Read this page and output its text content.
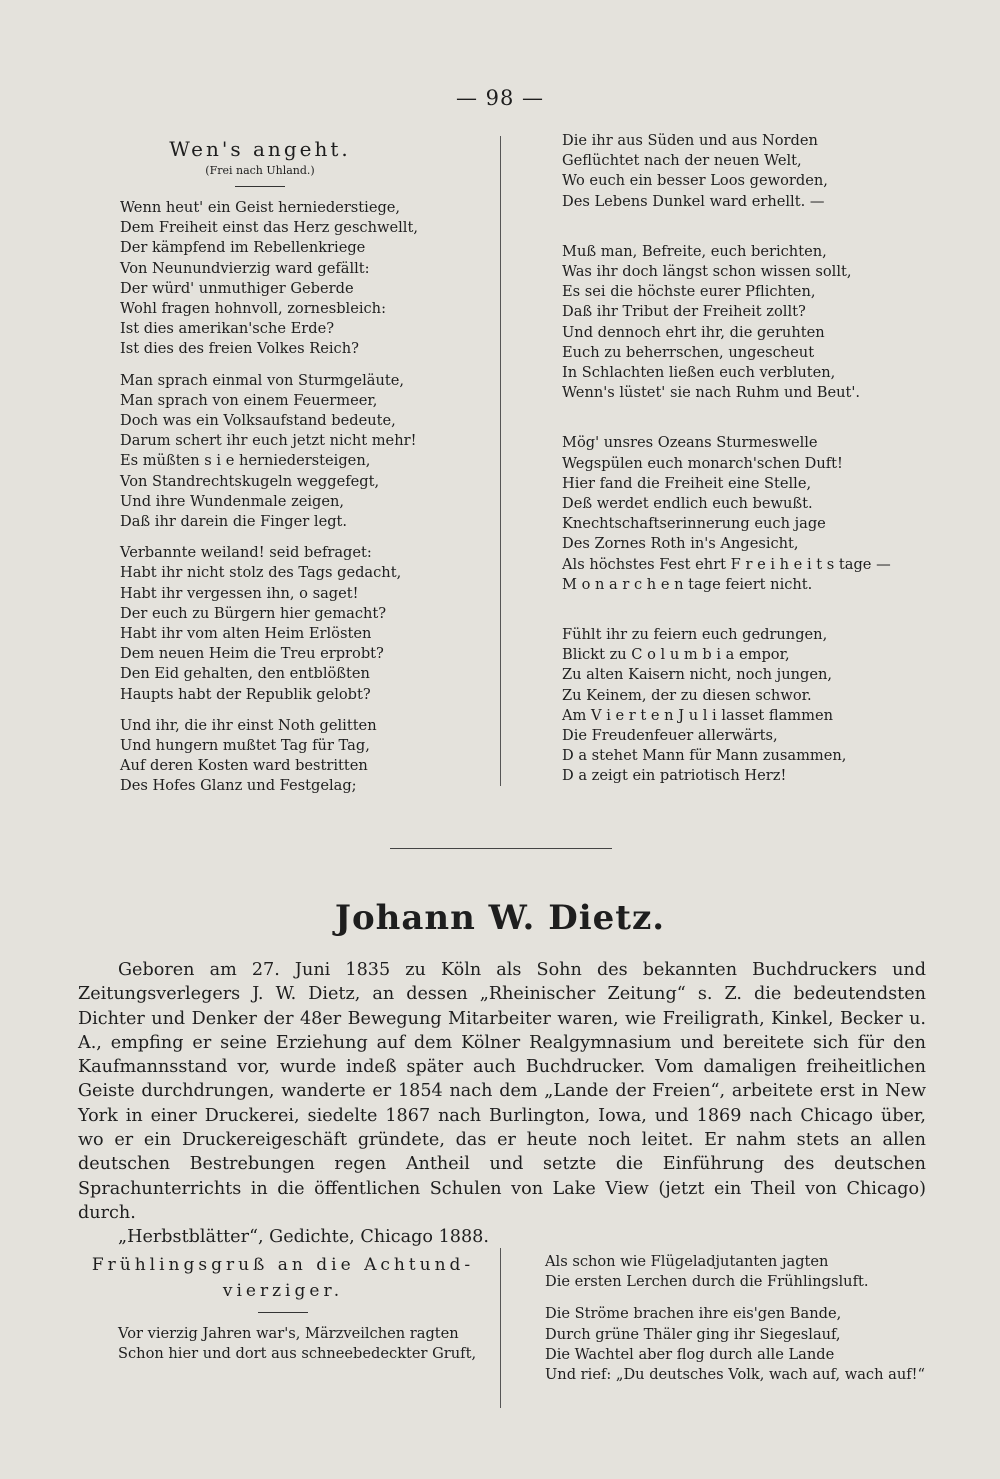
— 98 —

Wen's angeht.

(Frei nach Uhland.)

Wenn heut' ein Geist herniederstiege,

Dem Freiheit einst das Herz geschwellt,

Der kämpfend im Rebellenkriege

Von Neunundvierzig ward gefällt:

Der würd' unmuthiger Geberde

Wohl fragen hohnvoll, zornesbleich:

Ist dies amerikan'sche Erde?

Ist dies des freien Volkes Reich?

Man sprach einmal von Sturmgeläute,

Man sprach von einem Feuermeer,

Doch was ein Volksaufstand bedeute,

Darum schert ihr euch jetzt nicht mehr!

Es müßten s i e herniedersteigen,

Von Standrechtskugeln weggefegt,

Und ihre Wundenmale zeigen,

Daß ihr darein die Finger legt.

Verbannte weiland! seid befraget:

Habt ihr nicht stolz des Tags gedacht,

Habt ihr vergessen ihn, o saget!

Der euch zu Bürgern hier gemacht?

Habt ihr vom alten Heim Erlösten

Dem neuen Heim die Treu erprobt?

Den Eid gehalten, den entblößten

Haupts habt der Republik gelobt?

Und ihr, die ihr einst Noth gelitten

Und hungern mußtet Tag für Tag,

Auf deren Kosten ward bestritten

Des Hofes Glanz und Festgelag;

Die ihr aus Süden und aus Norden

Geflüchtet nach der neuen Welt,

Wo euch ein besser Loos geworden,

Des Lebens Dunkel ward erhellt. —

Muß man, Befreite, euch berichten,

Was ihr doch längst schon wissen sollt,

Es sei die höchste eurer Pflichten,

Daß ihr Tribut der Freiheit zollt?

Und dennoch ehrt ihr, die geruhten

Euch zu beherrschen, ungescheut

In Schlachten ließen euch verbluten,

Wenn's lüstet' sie nach Ruhm und Beut'.

Mög' unsres Ozeans Sturmeswelle

Wegspülen euch monarch'schen Duft!

Hier fand die Freiheit eine Stelle,

Deß werdet endlich euch bewußt.

Knechtschaftserinnerung euch jage

Des Zornes Roth in's Angesicht,

Als höchstes Fest ehrt F r e i h e i t s tage —

M o n a r c h e n tage feiert nicht.

Fühlt ihr zu feiern euch gedrungen,

Blickt zu C o l u m b i a empor,

Zu alten Kaisern nicht, noch jungen,

Zu Keinem, der zu diesen schwor.

Am V i e r t e n J u l i lasset flammen

Die Freudenfeuer allerwärts,

D a stehet Mann für Mann zusammen,

D a zeigt ein patriotisch Herz!

Johann W. Dietz.

Geboren am 27. Juni 1835 zu Köln als Sohn des bekannten Buchdruckers und Zeitungsverlegers J. W. Dietz, an dessen „Rheinischer Zeitung“ s. Z. die bedeutendsten Dichter und Denker der 48er Bewegung Mitarbeiter waren, wie Freiligrath, Kinkel, Becker u. A., empfing er seine Erziehung auf dem Kölner Realgymnasium und bereitete sich für den Kaufmannsstand vor, wurde indeß später auch Buchdrucker. Vom damaligen freiheitlichen Geiste durchdrungen, wanderte er 1854 nach dem „Lande der Freien“, arbeitete erst in New York in einer Druckerei, siedelte 1867 nach Burlington, Iowa, und 1869 nach Chicago über, wo er ein Druckereigeschäft gründete, das er heute noch leitet. Er nahm stets an allen deutschen Bestrebungen regen Antheil und setzte die Einführung des deutschen Sprachunterrichts in die öffentlichen Schulen von Lake View (jetzt ein Theil von Chicago) durch.

„Herbstblätter“, Gedichte, Chicago 1888.

Frühlingsgruß an die Achtund-

vierziger.

Vor vierzig Jahren war's, Märzveilchen ragten

Schon hier und dort aus schneebedeckter Gruft,

Als schon wie Flügeladjutanten jagten

Die ersten Lerchen durch die Frühlingsluft.

Die Ströme brachen ihre eis'gen Bande,

Durch grüne Thäler ging ihr Siegeslauf,

Die Wachtel aber flog durch alle Lande

Und rief: „Du deutsches Volk, wach auf, wach auf!“
